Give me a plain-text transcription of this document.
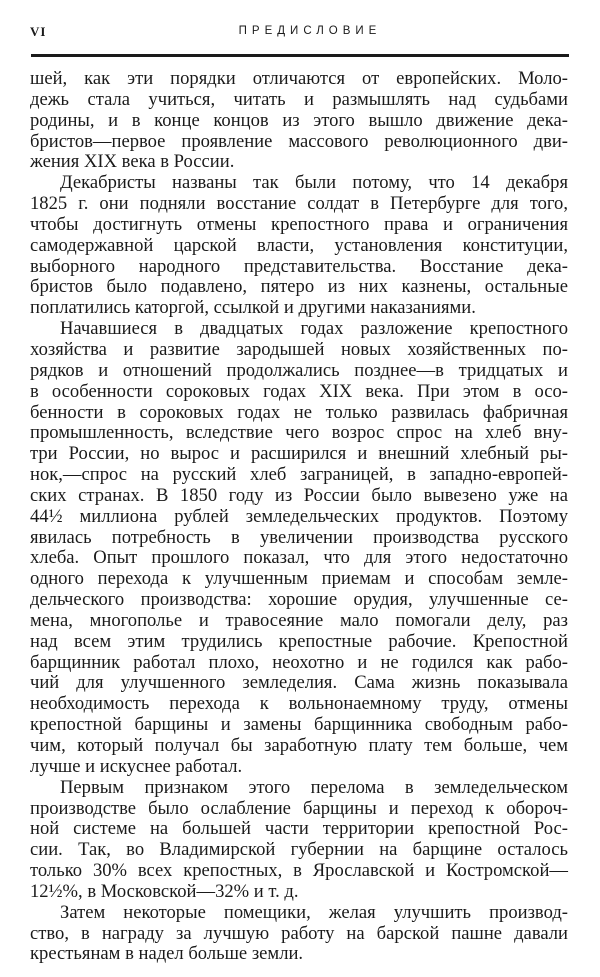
VI	ПРЕДИСЛОВИЕ
шей, как эти порядки отличаются от европейских. Моло-
дежь стала учиться, читать и размышлять над судьбами
родины, и в конце концов из этого вышло движение дека-
бристов—первое проявление массового революционного дви-
жения XIX века в России.
Декабристы названы так были потому, что 14 декабря
1825 г. они подняли восстание солдат в Петербурге для того,
чтобы достигнуть отмены крепостного права и ограничения
самодержавной царской власти, установления конституции,
выборного народного представительства. Восстание дека-
бристов было подавлено, пятеро из них казнены, остальные
поплатились каторгой, ссылкой и другими наказаниями.
Начавшиеся в двадцатых годах разложение крепостного
хозяйства и развитие зародышей новых хозяйственных по-
рядков и отношений продолжались позднее—в тридцатых и
в особенности сороковых годах XIX века. При этом в осо-
бенности в сороковых годах не только развилась фабричная
промышленность, вследствие чего возрос спрос на хлеб вну-
три России, но вырос и расширился и внешний хлебный ры-
нок,—спрос на русский хлеб заграницей, в западно-европей-
ских странах. В 1850 году из России было вывезено уже на
44½ миллиона рублей земледельческих продуктов. Поэтому
явилась потребность в увеличении производства русского
хлеба. Опыт прошлого показал, что для этого недостаточно
одного перехода к улучшенным приемам и способам земле-
дельческого производства: хорошие орудия, улучшенные се-
мена, многополье и травосеяние мало помогали делу, раз
над всем этим трудились крепостные рабочие. Крепостной
барщинник работал плохо, неохотно и не годился как рабо-
чий для улучшенного земледелия. Сама жизнь показывала
необходимость перехода к вольнонаемному труду, отмены
крепостной барщины и замены барщинника свободным рабо-
чим, который получал бы заработную плату тем больше, чем
лучше и искуснее работал.
Первым признаком этого перелома в земледельческом
производстве было ослабление барщины и переход к обороч-
ной системе на большей части территории крепостной Рос-
сии. Так, во Владимирской губернии на барщине осталось
только 30% всех крепостных, в Ярославской и Костромской—
12½%, в Московской—32% и т. д.
Затем некоторые помещики, желая улучшить производ-
ство, в награду за лучшую работу на барской пашне давали
крестьянам в надел больше земли.
